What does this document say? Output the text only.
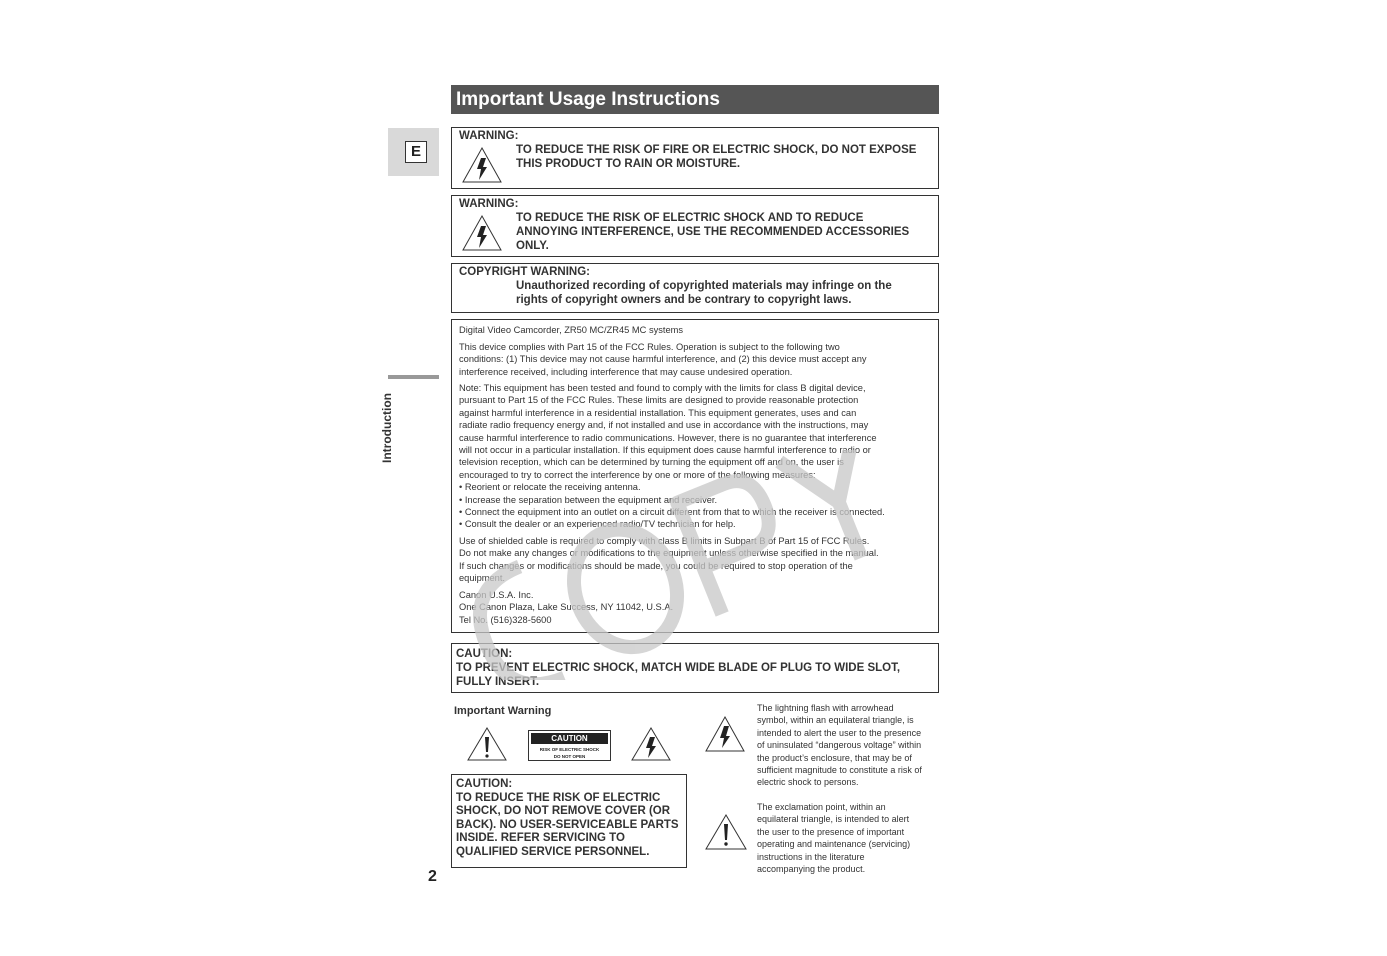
Important Usage Instructions
E
Introduction
WARNING:
TO REDUCE THE RISK OF FIRE OR ELECTRIC SHOCK, DO NOT EXPOSE
THIS PRODUCT TO RAIN OR MOISTURE.
WARNING:
TO REDUCE THE RISK OF ELECTRIC SHOCK AND TO REDUCE
ANNOYING INTERFERENCE, USE THE RECOMMENDED ACCESSORIES
ONLY.
COPYRIGHT WARNING:
Unauthorized recording of copyrighted materials may infringe on the
rights of copyright owners and be contrary to copyright laws.
Digital Video Camcorder, ZR50 MC/ZR45 MC systems
This device complies with Part 15 of the FCC Rules. Operation is subject to the following two
conditions: (1) This device may not cause harmful interference, and (2) this device must accept any
interference received, including interference that may cause undesired operation.
Note: This equipment has been tested and found to comply with the limits for class B digital device,
pursuant to Part 15 of the FCC Rules. These limits are designed to provide reasonable protection
against harmful interference in a residential installation. This equipment generates, uses and can
radiate radio frequency energy and, if not installed and use in accordance with the instructions, may
cause harmful interference to radio communications. However, there is no guarantee that interference
will not occur in a particular installation. If this equipment does cause harmful interference to radio or
television reception, which can be determined by turning the equipment off and on, the user is
encouraged to try to correct the interference by one or more of the following measures:
• Reorient or relocate the receiving antenna.
• Increase the separation between the equipment and receiver.
• Connect the equipment into an outlet on a circuit different from that to which the receiver is connected.
• Consult the dealer or an experienced radio/TV technician for help.
Use of shielded cable is required to comply with class B limits in Subpart B of Part 15 of FCC Rules.
Do not make any changes or modifications to the equipment unless otherwise specified in the manual.
If such changes or modifications should be made, you could be required to stop operation of the
equipment.
Canon U.S.A. Inc.
One Canon Plaza, Lake Success, NY 11042, U.S.A.
Tel No. (516)328-5600
CAUTION:
TO PREVENT ELECTRIC SHOCK, MATCH WIDE BLADE OF PLUG TO WIDE SLOT,
FULLY INSERT.
Important Warning
CAUTION
RISK OF ELECTRIC SHOCK
DO NOT OPEN
CAUTION:
TO REDUCE THE RISK OF ELECTRIC
SHOCK, DO NOT REMOVE COVER (OR
BACK). NO USER-SERVICEABLE PARTS
INSIDE. REFER SERVICING TO
QUALIFIED SERVICE PERSONNEL.
The lightning flash with arrowhead
symbol, within an equilateral triangle, is
intended to alert the user to the presence
of uninsulated “dangerous voltage” within
the product’s enclosure, that may be of
sufficient magnitude to constitute a risk of
electric shock to persons.
The exclamation point, within an
equilateral triangle, is intended to alert
the user to the presence of important
operating and maintenance (servicing)
instructions in the literature
accompanying the product.
2
